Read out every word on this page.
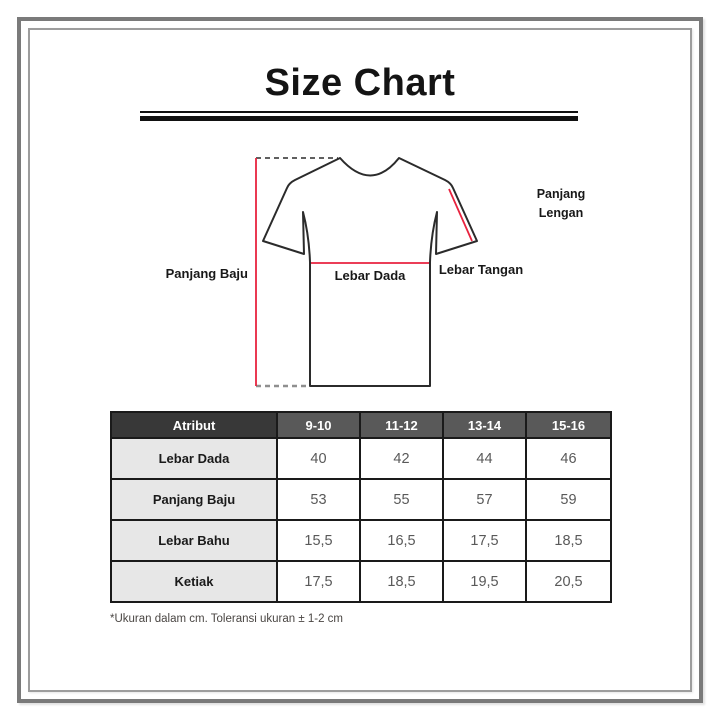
Size Chart
Panjang Baju	Lebar Dada
Panjang
Lengan
Lebar Tangan
Atribut	9-10	11-12	13-14	15-16
Lebar Dada	40	42	44	46
Panjang Baju	53	55	57	59
Lebar Bahu	15,5	16,5	17,5	18,5
Ketiak	17,5	18,5	19,5	20,5
*Ukuran dalam cm. Toleransi ukuran ± 1-2 cm
